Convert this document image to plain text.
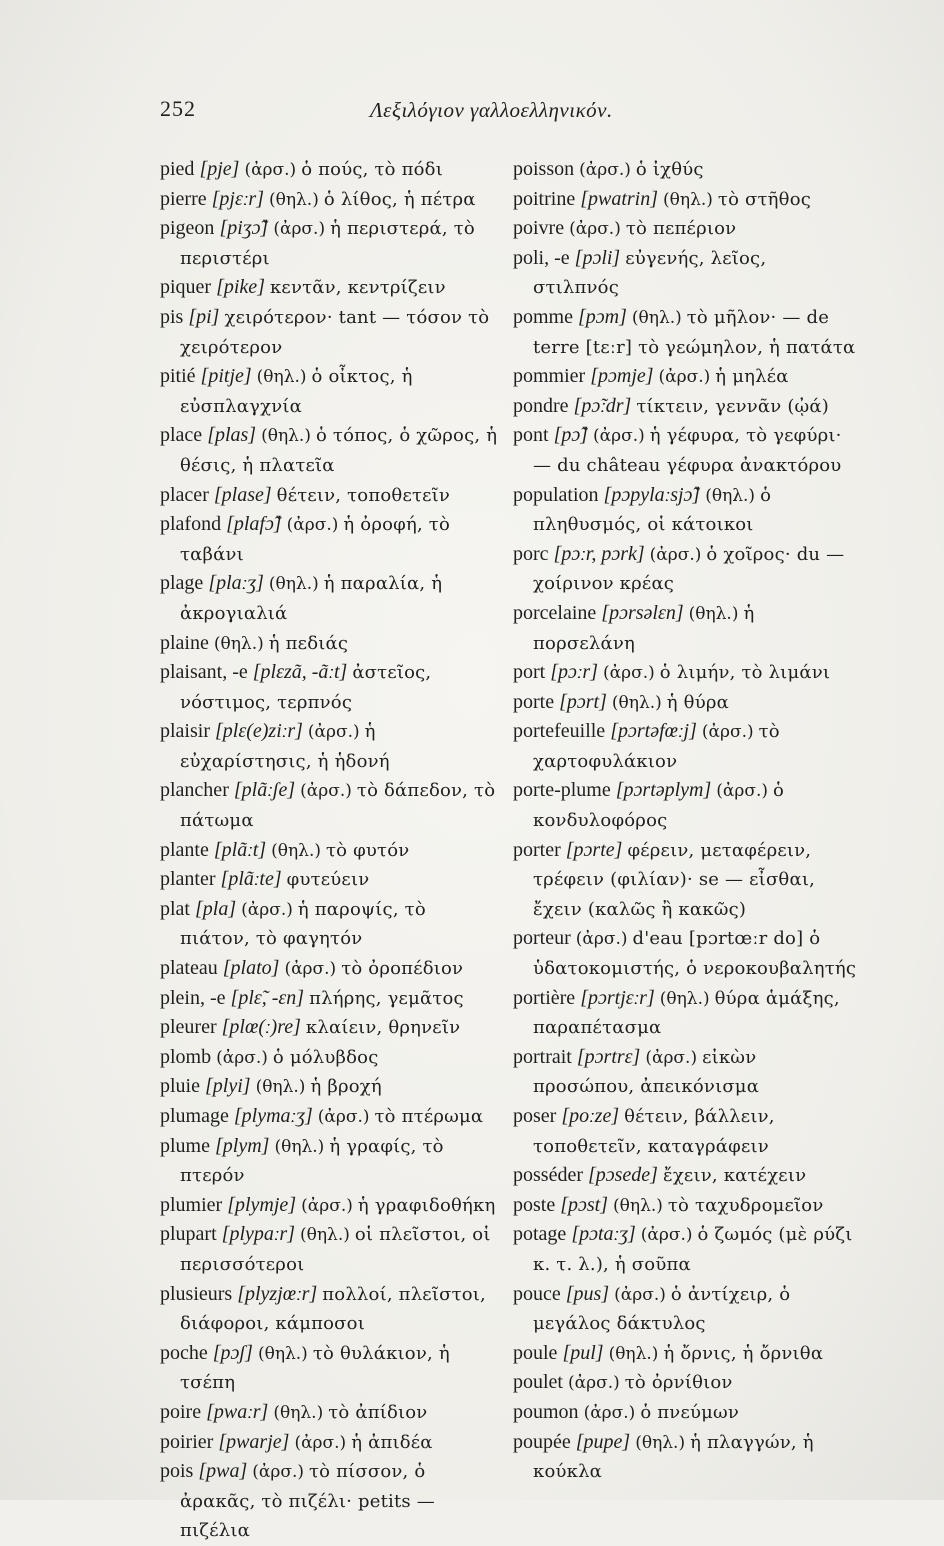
252	Λεξιλόγιον γαλλοελληνικόν.

pied [pje] (ἀρσ.) ὁ πούς, τὸ πόδι

pierre [pjɛːr] (θηλ.) ὁ λίθος, ἡ πέτρα

pigeon [piʒɔ̃] (ἀρσ.) ἡ περιστερά, τὸ περιστέρι

piquer [pike] κεντᾶν, κεντρίζειν

pis [pi] χειρότερον· tant — τόσον τὸ χειρότερον

pitié [pitje] (θηλ.) ὁ οἶκτος, ἡ εὐσπλαγχνία

place [plas] (θηλ.) ὁ τόπος, ὁ χῶρος, ἡ θέσις, ἡ πλατεῖα

placer [plase] θέτειν, τοποθετεῖν

plafond [plafɔ̃] (ἀρσ.) ἡ ὀροφή, τὸ ταβάνι

plage [plaːʒ] (θηλ.) ἡ παραλία, ἡ ἀκρογιαλιά

plaine (θηλ.) ἡ πεδιάς

plaisant, -e [plɛzã, -ãːt] ἀστεῖος, νόστιμος, τερπνός

plaisir [plɛ(e)ziːr] (ἀρσ.) ἡ εὐχαρίστησις, ἡ ἡδονή

plancher [plãːʃe] (ἀρσ.) τὸ δάπεδον, τὸ πάτωμα

plante [plãːt] (θηλ.) τὸ φυτόν

planter [plãːte] φυτεύειν

plat [pla] (ἀρσ.) ἡ παροψίς, τὸ πιάτον, τὸ φαγητόν

plateau [plato] (ἀρσ.) τὸ ὀροπέδιον

plein, -e [plɛ̃, -ɛn] πλήρης, γεμᾶτος

pleurer [plœ(ː)re] κλαίειν, θρηνεῖν

plomb (ἀρσ.) ὁ μόλυβδος

pluie [plyi] (θηλ.) ἡ βροχή

plumage [plymaːʒ] (ἀρσ.) τὸ πτέρωμα

plume [plym] (θηλ.) ἡ γραφίς, τὸ πτερόν

plumier [plymje] (ἀρσ.) ἡ γραφιδοθήκη

plupart [plypaːr] (θηλ.) οἱ πλεῖστοι, οἱ περισσότεροι

plusieurs [plyzjœːr] πολλοί, πλεῖστοι, διάφοροι, κάμποσοι

poche [pɔʃ] (θηλ.) τὸ θυλάκιον, ἡ τσέπη

poire [pwaːr] (θηλ.) τὸ ἀπίδιον

poirier [pwarje] (ἀρσ.) ἡ ἀπιδέα

pois [pwa] (ἀρσ.) τὸ πίσσον, ὁ ἀρακᾶς, τὸ πιζέλι· petits — πιζέλια

poisson (ἀρσ.) ὁ ἰχθύς

poitrine [pwatrin] (θηλ.) τὸ στῆθος

poivre (ἀρσ.) τὸ πεπέριον

poli, -e [pɔli] εὐγενής, λεῖος, στιλπνός

pomme [pɔm] (θηλ.) τὸ μῆλον· — de terre [tɛːr] τὸ γεώμηλον, ἡ πατάτα

pommier [pɔmje] (ἀρσ.) ἡ μηλέα

pondre [pɔ̃ːdr] τίκτειν, γεννᾶν (ᾠά)

pont [pɔ̃] (ἀρσ.) ἡ γέφυρα, τὸ γεφύρι· — du château γέφυρα ἀνακτόρου

population [pɔpylaːsjɔ̃] (θηλ.) ὁ πληθυσμός, οἱ κάτοικοι

porc [pɔːr, pɔrk] (ἀρσ.) ὁ χοῖρος· du — χοίρινον κρέας

porcelaine [pɔrsəlɛn] (θηλ.) ἡ πορσελάνη

port [pɔːr] (ἀρσ.) ὁ λιμήν, τὸ λιμάνι

porte [pɔrt] (θηλ.) ἡ θύρα

portefeuille [pɔrtəfœːj] (ἀρσ.) τὸ χαρτοφυλάκιον

porte-plume [pɔrtəplym] (ἀρσ.) ὁ κονδυλοφόρος

porter [pɔrte] φέρειν, μεταφέρειν, τρέφειν (φιλίαν)· se — εἶσθαι, ἔχειν (καλῶς ἢ κακῶς)

porteur (ἀρσ.) d'eau [pɔrtœːr do] ὁ ὑδατοκομιστής, ὁ νεροκουβαλητής

portière [pɔrtjɛːr] (θηλ.) θύρα ἁμάξης, παραπέτασμα

portrait [pɔrtrɛ] (ἀρσ.) εἰκὼν προσώπου, ἀπεικόνισμα

poser [poːze] θέτειν, βάλλειν, τοποθετεῖν, καταγράφειν

posséder [pɔsede] ἔχειν, κατέχειν

poste [pɔst] (θηλ.) τὸ ταχυδρομεῖον

potage [pɔtaːʒ] (ἀρσ.) ὁ ζωμός (μὲ ρύζι κ. τ. λ.), ἡ σοῦπα

pouce [pus] (ἀρσ.) ὁ ἀντίχειρ, ὁ μεγάλος δάκτυλος

poule [pul] (θηλ.) ἡ ὄρνις, ἡ ὄρνιθα

poulet (ἀρσ.) τὸ ὀρνίθιον

poumon (ἀρσ.) ὁ πνεύμων

poupée [pupe] (θηλ.) ἡ πλαγγών, ἡ κούκλα
